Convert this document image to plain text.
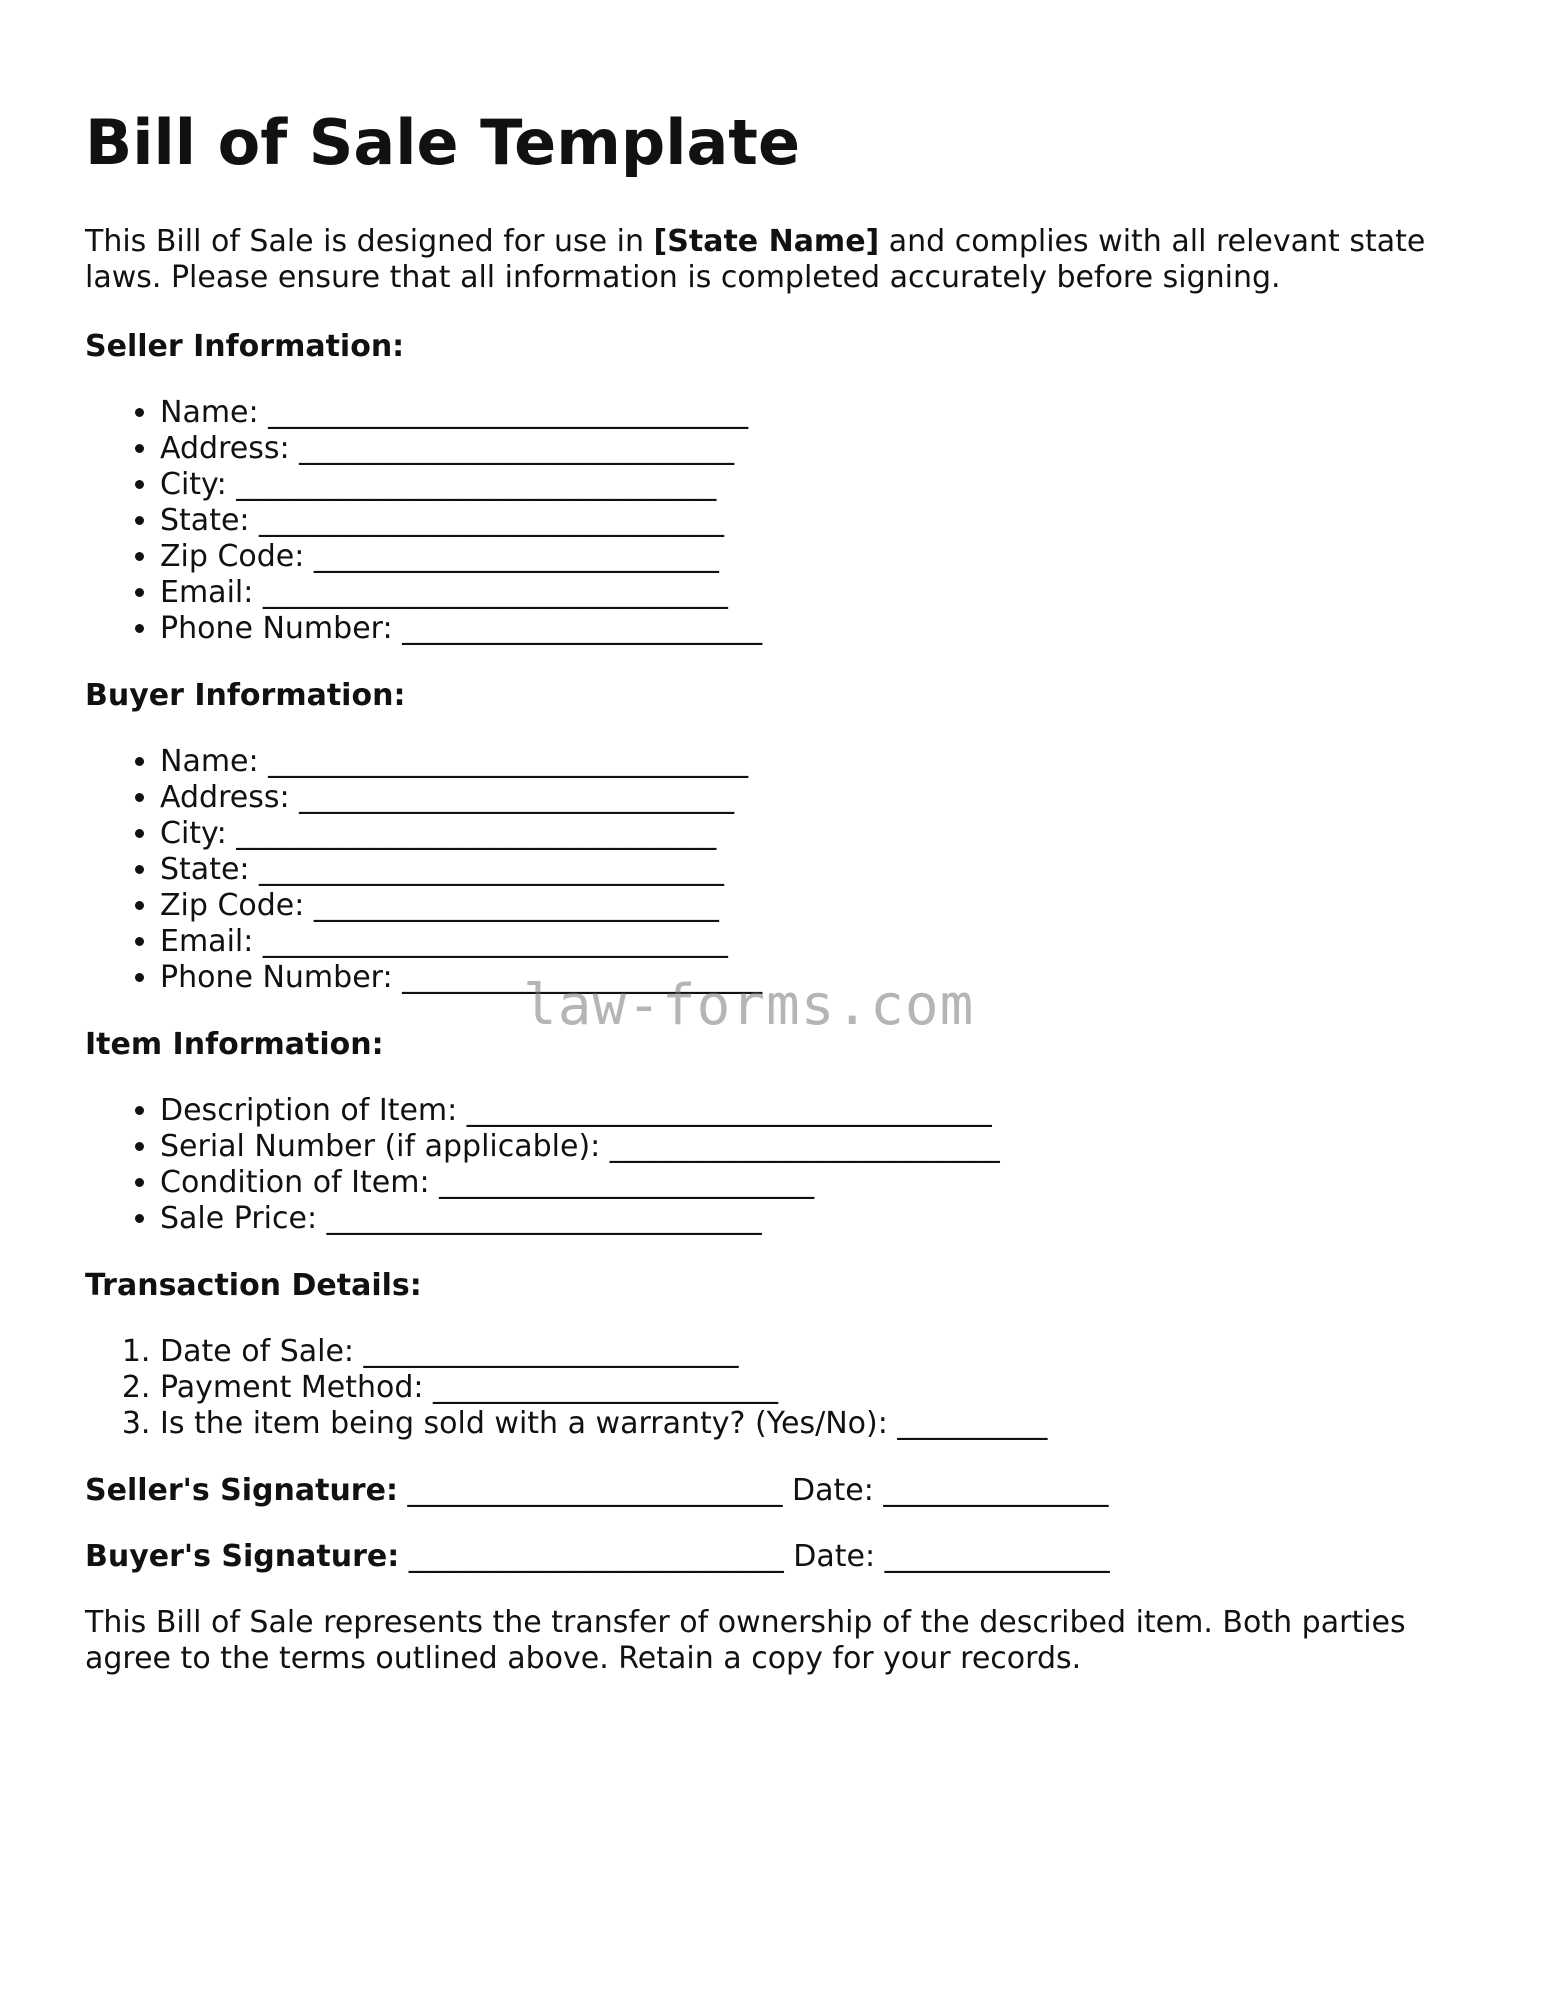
Bill of Sale Template

This Bill of Sale is designed for use in [State Name] and complies with all relevant state laws. Please ensure that all information is completed accurately before signing.

Seller Information:

• Name: ________________________________
• Address: _____________________________
• City: ________________________________
• State: _______________________________
• Zip Code: ___________________________
• Email: _______________________________
• Phone Number: ________________________

Buyer Information:

• Name: ________________________________
• Address: _____________________________
• City: ________________________________
• State: _______________________________
• Zip Code: ___________________________
• Email: _______________________________
• Phone Number: ________________________

Item Information:

• Description of Item: ___________________________________
• Serial Number (if applicable): __________________________
• Condition of Item: _________________________
• Sale Price: _____________________________

Transaction Details:

1. Date of Sale: _________________________
2. Payment Method: _______________________
3. Is the item being sold with a warranty? (Yes/No): __________

Seller's Signature: _________________________ Date: _______________

Buyer's Signature: _________________________ Date: _______________

This Bill of Sale represents the transfer of ownership of the described item. Both parties agree to the terms outlined above. Retain a copy for your records.

law-forms.com
